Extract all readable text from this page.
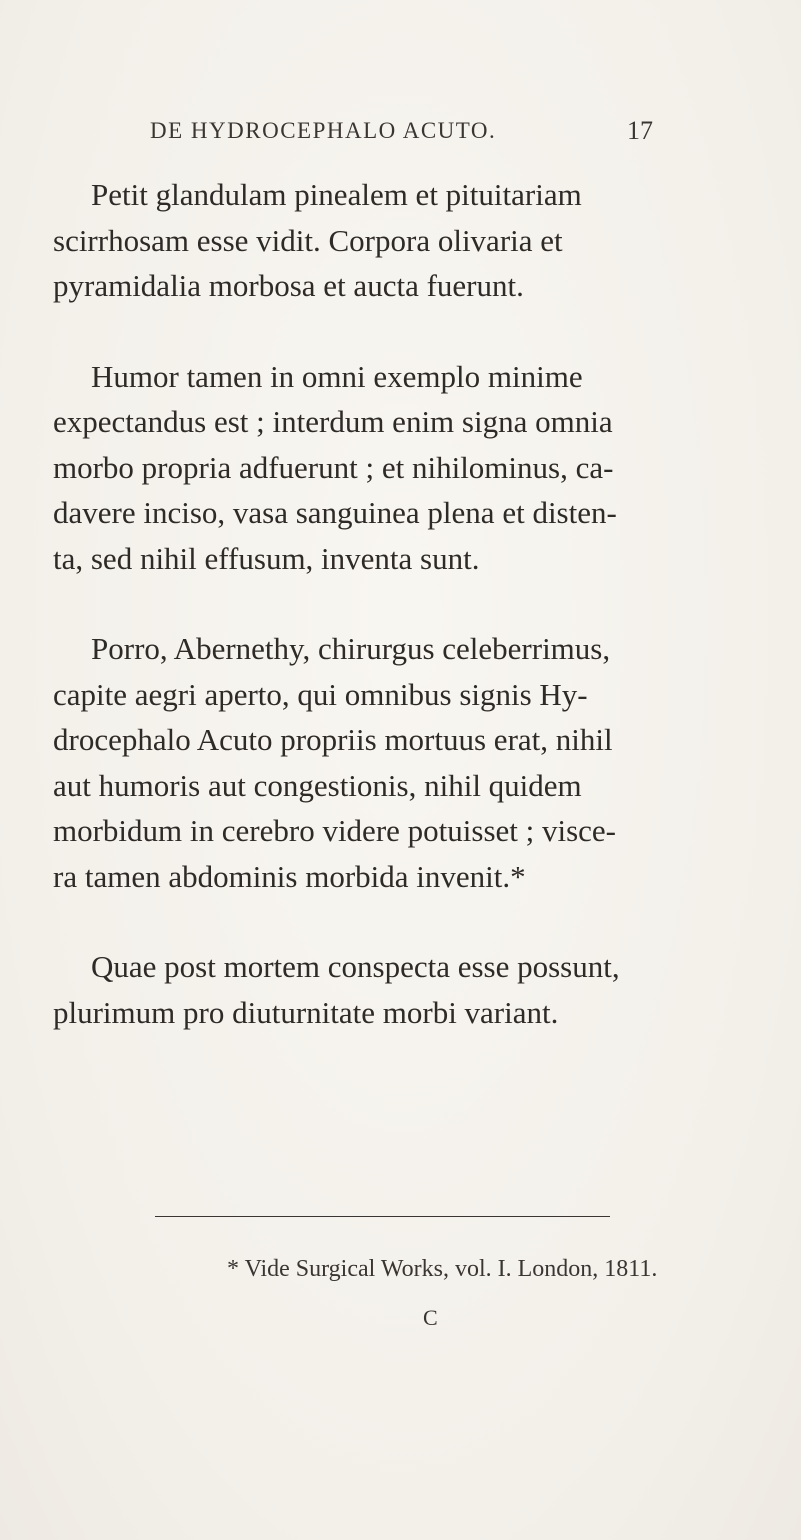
DE HYDROCEPHALO ACUTO.	17

Petit glandulam pinealem et pituitariam
scirrhosam esse vidit. Corpora olivaria et
pyramidalia morbosa et aucta fuerunt.

Humor tamen in omni exemplo minime
expectandus est ; interdum enim signa omnia
morbo propria adfuerunt ; et nihilominus, ca-
davere inciso, vasa sanguinea plena et disten-
ta, sed nihil effusum, inventa sunt.

Porro, Abernethy, chirurgus celeberrimus,
capite aegri aperto, qui omnibus signis Hy-
drocephalo Acuto propriis mortuus erat, nihil
aut humoris aut congestionis, nihil quidem
morbidum in cerebro videre potuisset ; visce-
ra tamen abdominis morbida invenit.*

Quae post mortem conspecta esse possunt,
plurimum pro diuturnitate morbi variant.

* Vide Surgical Works, vol. I. London, 1811.
C
